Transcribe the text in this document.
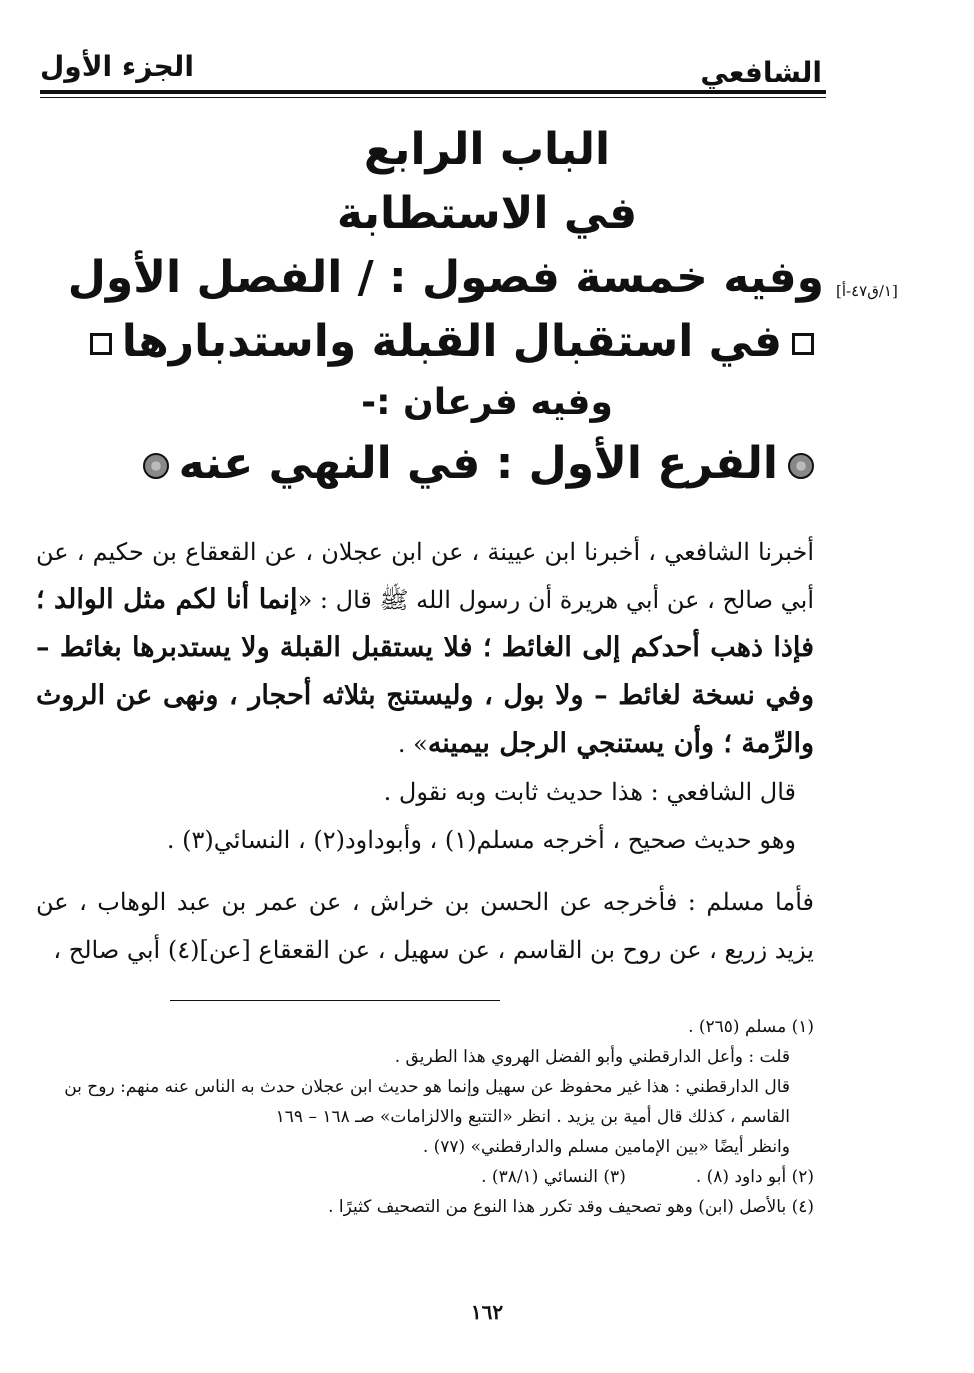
الشافعي
الجزء الأول
الباب الرابع
في الاستطابة
وفيه خمسة فصول : / الفصل الأول
في استقبال القبلة واستدبارها
وفيه فرعان :-
الفرع الأول : في النهي عنه
[١/ق٤٧-أ]

أخبرنا الشافعي ، أخبرنا ابن عيينة ، عن ابن عجلان ، عن القعقاع بن حكيم ، عن أبي صالح ، عن أبي هريرة أن رسول الله ﷺ قال : «إنما أنا لكم مثل الوالد ؛ فإذا ذهب أحدكم إلى الغائط ؛ فلا يستقبل القبلة ولا يستدبرها بغائط – وفي نسخة لغائط – ولا بول ، وليستنج بثلاثه أحجار ، ونهى عن الروث والرِّمة ؛ وأن يستنجي الرجل بيمينه» .

قال الشافعي : هذا حديث ثابت وبه نقول .

وهو حديث صحيح ، أخرجه مسلم(١) ، وأبوداود(٢) ، النسائي(٣) .

فأما مسلم : فأخرجه عن الحسن بن خراش ، عن عمر بن عبد الوهاب ، عن يزيد زريع ، عن روح بن القاسم ، عن سهيل ، عن القعقاع [عن](٤) أبي صالح ،

(١) مسلم (٢٦٥) .

قلت : وأعل الدارقطني وأبو الفضل الهروي هذا الطريق .

قال الدارقطني : هذا غير محفوظ عن سهيل وإنما هو حديث ابن عجلان حدث به الناس عنه منهم: روح بن القاسم ، كذلك قال أمية بن يزيد . انظر «التتبع والالزامات» صـ ١٦٨ – ١٦٩

وانظر أيضًا «بين الإمامين مسلم والدارقطني» (٧٧) .

(٢) أبو داود (٨) .

(٣) النسائي (٣٨/١) .

(٤) بالأصل (ابن) وهو تصحيف وقد تكرر هذا النوع من التصحيف كثيرًا .

١٦٢
